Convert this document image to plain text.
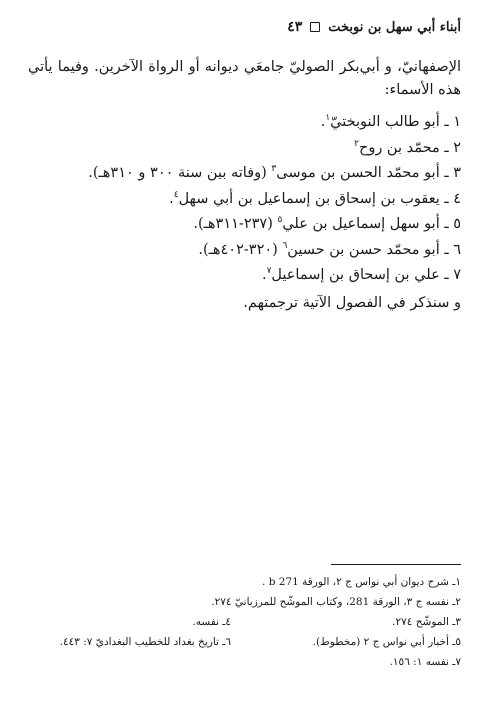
أبناء أبي سهل بن نوبخت
٤٣

الإصفهانيّ، و أبي‌بكر الصوليّ جامعَي ديوانه أو الرواة الآخرين. وفيما يأتي هذه الأسماء:

١ ـ أبو طالب النوبختيّ$^١$.
٢ ـ محمّد بن روح$^٢$
٣ ـ أبو محمّد الحسن بن موسى$^٣$ (وفاته بين سنة ٣٠٠ و ٣١٠هـ).
٤ ـ يعقوب بن إسحاق بن إسماعيل بن أبي سهل$^٤$.
٥ ـ أبو سهل إسماعيل بن علي$^٥$ (٢٣٧-٣١١هـ).
٦ ـ أبو محمّد حسن بن حسين$^٦$ (٣٢٠-٤٠٢هـ).
٧ ـ علي بن إسحاق بن إسماعيل$^٧$.

و سنذكر في الفصول الآتية ترجمتهم.

١ـ شرح ديوان أبي نواس ج ٢، الورقة 271 b .

٢ـ نفسه ج ٣، الورقة 281، وكتاب الموشّح للمرزبانيّ ٢٧٤.

٣ـ الموشّح ٢٧٤.

٤ـ نفسه.

٥ـ أخبار أبي نواس ج ٢ (مخطوط).

٦ـ تاريخ بغداد للخطيب البغداديّ ٧: ٤٤٣.

٧ـ نفسه ١: ١٥٦.
